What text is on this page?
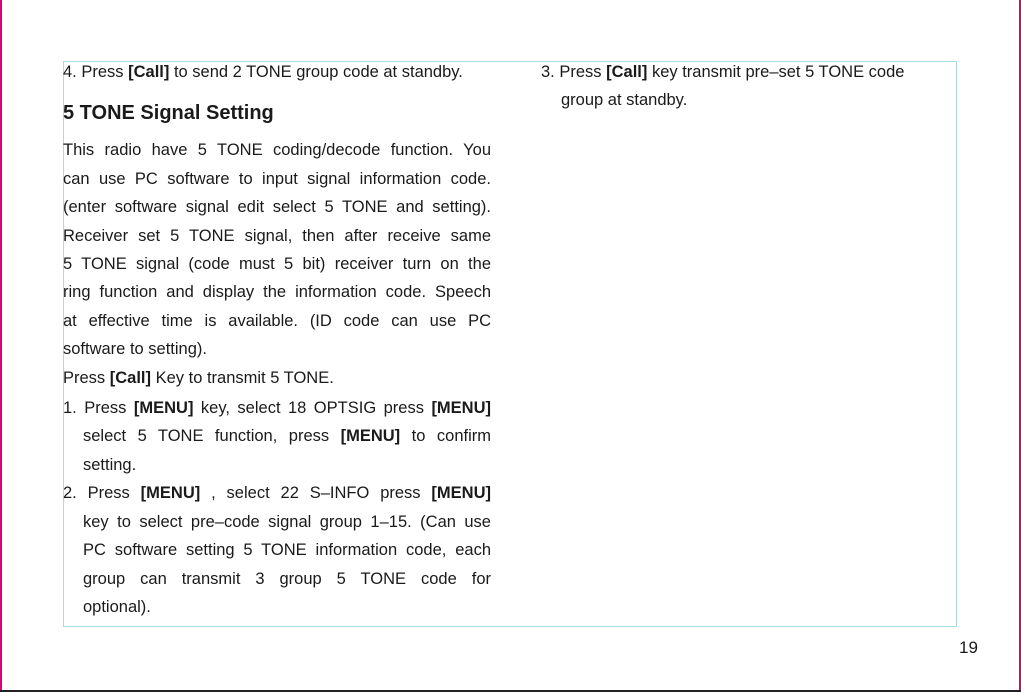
4. Press [Call] to send 2 TONE group code at standby.
5 TONE Signal Setting
This radio have 5 TONE coding/decode function. You
can use PC software to input signal information code.
(enter software signal edit select 5 TONE and setting).
Receiver set 5 TONE signal, then after receive same
5 TONE signal (code must 5 bit) receiver turn on the
ring function and display the information code. Speech
at effective time is available. (ID code can use PC
software to setting).
Press [Call] Key to transmit 5 TONE.
1. Press [MENU] key, select 18 OPTSIG press [MENU]
select 5 TONE function, press [MENU] to confirm
setting.
2. Press [MENU] , select 22 S–INFO press [MENU]
key to select pre–code signal group 1–15. (Can use
PC software setting 5 TONE information code, each
group can transmit 3 group 5 TONE code for
optional).
3. Press [Call] key transmit pre–set 5 TONE code
group at standby.
19
